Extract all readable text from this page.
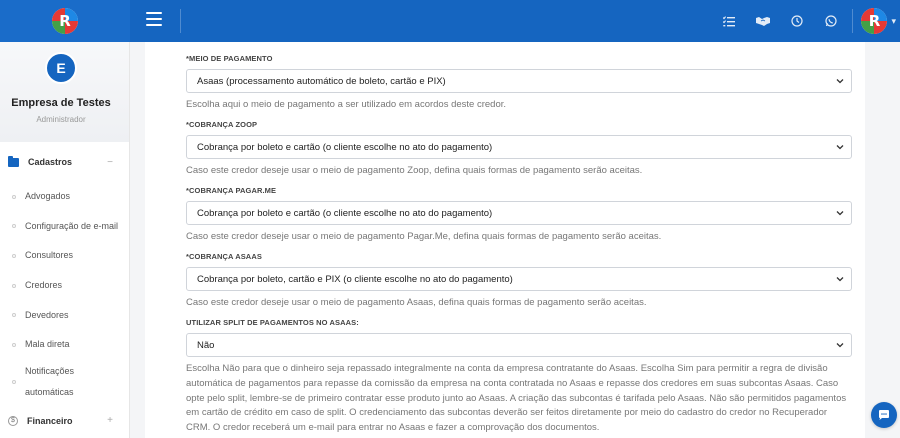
R	R ▾
E
Empresa de Testes
Administrador
Cadastros	−
Advogados
Configuração de e-mail
Consultores
Credores
Devedores
Mala direta
Notificações automáticas
$	Financeiro	+
*MEIO DE PAGAMENTO
Asaas (processamento automático de boleto, cartão e PIX)
Escolha aqui o meio de pagamento a ser utilizado em acordos deste credor.
*COBRANÇA ZOOP
Cobrança por boleto e cartão (o cliente escolhe no ato do pagamento)
Caso este credor deseje usar o meio de pagamento Zoop, defina quais formas de pagamento serão aceitas.
*COBRANÇA PAGAR.ME
Cobrança por boleto e cartão (o cliente escolhe no ato do pagamento)
Caso este credor deseje usar o meio de pagamento Pagar.Me, defina quais formas de pagamento serão aceitas.
*COBRANÇA ASAAS
Cobrança por boleto, cartão e PIX (o cliente escolhe no ato do pagamento)
Caso este credor deseje usar o meio de pagamento Asaas, defina quais formas de pagamento serão aceitas.
UTILIZAR SPLIT DE PAGAMENTOS NO ASAAS:
Não
Escolha Não para que o dinheiro seja repassado integralmente na conta da empresa contratante do Asaas. Escolha Sim para permitir a regra de divisão automática de pagamentos para repasse da comissão da empresa na conta contratada no Asaas e repasse dos credores em suas subcontas Asaas. Caso opte pelo split, lembre-se de primeiro contratar esse produto junto ao Asaas. A criação das subcontas é tarifada pelo Asaas. Não são permitidos pagamentos em cartão de crédito em caso de split. O credenciamento das subcontas deverão ser feitos diretamente por meio do cadastro do credor no Recuperador CRM. O credor receberá um e-mail para entrar no Asaas e fazer a comprovação dos documentos.
